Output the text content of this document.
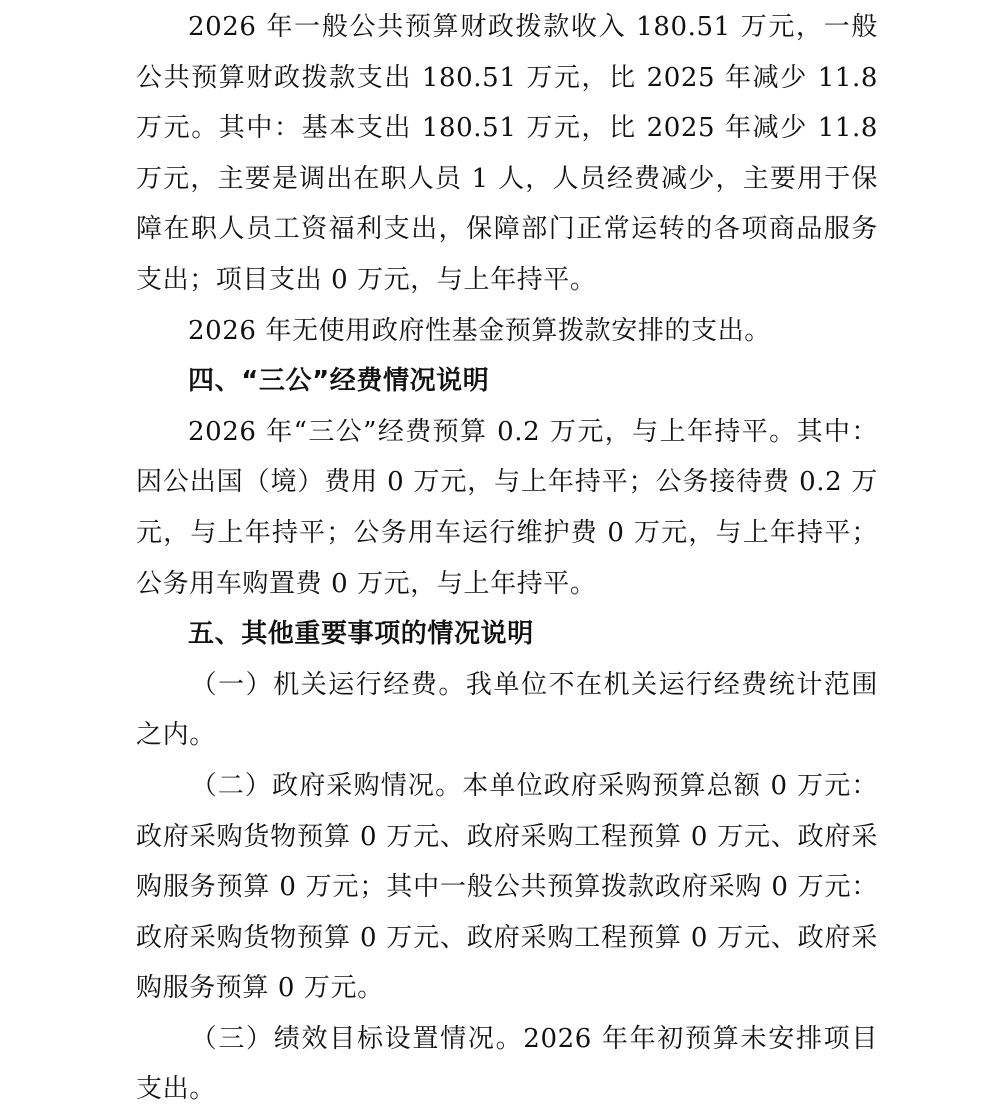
2026 年一般公共预算财政拨款收入 180.51 万元，一般公共预算财政拨款支出 180.51 万元，比 2025 年减少 11.8 万元。其中：基本支出 180.51 万元，比 2025 年减少 11.8 万元，主要是调出在职人员 1 人，人员经费减少，主要用于保障在职人员工资福利支出，保障部门正常运转的各项商品服务支出；项目支出 0 万元，与上年持平。

2026 年无使用政府性基金预算拨款安排的支出。

四、“三公”经费情况说明

2026 年“三公”经费预算 0.2 万元，与上年持平。其中：因公出国（境）费用 0 万元，与上年持平；公务接待费 0.2 万元，与上年持平；公务用车运行维护费 0 万元，与上年持平；公务用车购置费 0 万元，与上年持平。

五、其他重要事项的情况说明

（一）机关运行经费。我单位不在机关运行经费统计范围之内。

（二）政府采购情况。本单位政府采购预算总额 0 万元：政府采购货物预算 0 万元、政府采购工程预算 0 万元、政府采购服务预算 0 万元；其中一般公共预算拨款政府采购 0 万元：政府采购货物预算 0 万元、政府采购工程预算 0 万元、政府采购服务预算 0 万元。

（三）绩效目标设置情况。2026 年年初预算未安排项目支出。
